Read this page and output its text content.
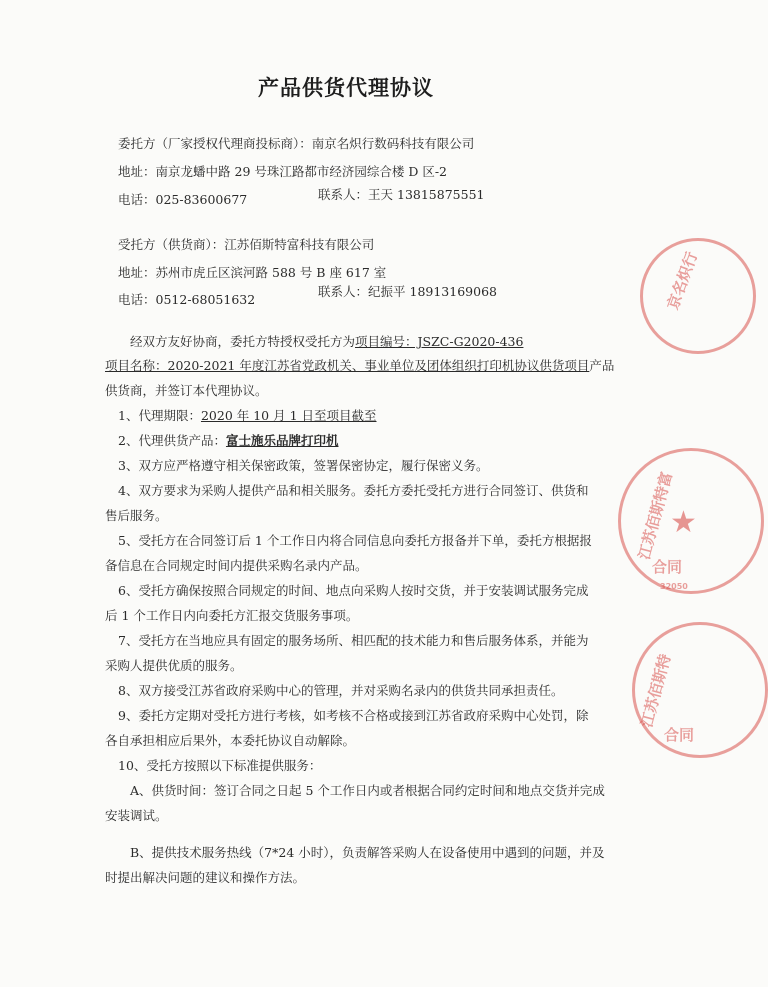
产品供货代理协议
委托方（厂家授权代理商投标商）：南京名炽行数码科技有限公司
地址：南京龙蟠中路 29 号珠江路都市经济园综合楼 D 区-2
电话：025-83600677	联系人：王天 13815875551
受托方（供货商）：江苏佰斯特富科技有限公司
地址：苏州市虎丘区滨河路 588 号 B 座 617 室
电话：0512-68051632
联系人：纪振平 18913169068
经双方友好协商，委托方特授权受托方为项目编号：JSZC-G2020-436
项目名称：2020-2021 年度江苏省党政机关、事业单位及团体组织打印机协议供货项目产品
供货商，并签订本代理协议。
1、代理期限：2020 年 10 月 1 日至项目截至
2、代理供货产品：富士施乐品牌打印机
3、双方应严格遵守相关保密政策，签署保密协定，履行保密义务。
4、双方要求为采购人提供产品和相关服务。委托方委托受托方进行合同签订、供货和
售后服务。
5、受托方在合同签订后 1 个工作日内将合同信息向委托方报备并下单，委托方根据报
备信息在合同规定时间内提供采购名录内产品。
6、受托方确保按照合同规定的时间、地点向采购人按时交货，并于安装调试服务完成
后 1 个工作日内向委托方汇报交货服务事项。
7、受托方在当地应具有固定的服务场所、相匹配的技术能力和售后服务体系，并能为
采购人提供优质的服务。
8、双方接受江苏省政府采购中心的管理，并对采购名录内的供货共同承担责任。
9、委托方定期对受托方进行考核，如考核不合格或接到江苏省政府采购中心处罚，除
各自承担相应后果外，本委托协议自动解除。
10、受托方按照以下标准提供服务：
A、供货时间：签订合同之日起 5 个工作日内或者根据合同约定时间和地点交货并完成
安装调试。
B、提供技术服务热线（7*24 小时），负责解答采购人在设备使用中遇到的问题，并及
时提出解决问题的建议和操作方法。
京名炽行
江苏佰斯特富
★
合同
32050
江苏佰斯特
合同
